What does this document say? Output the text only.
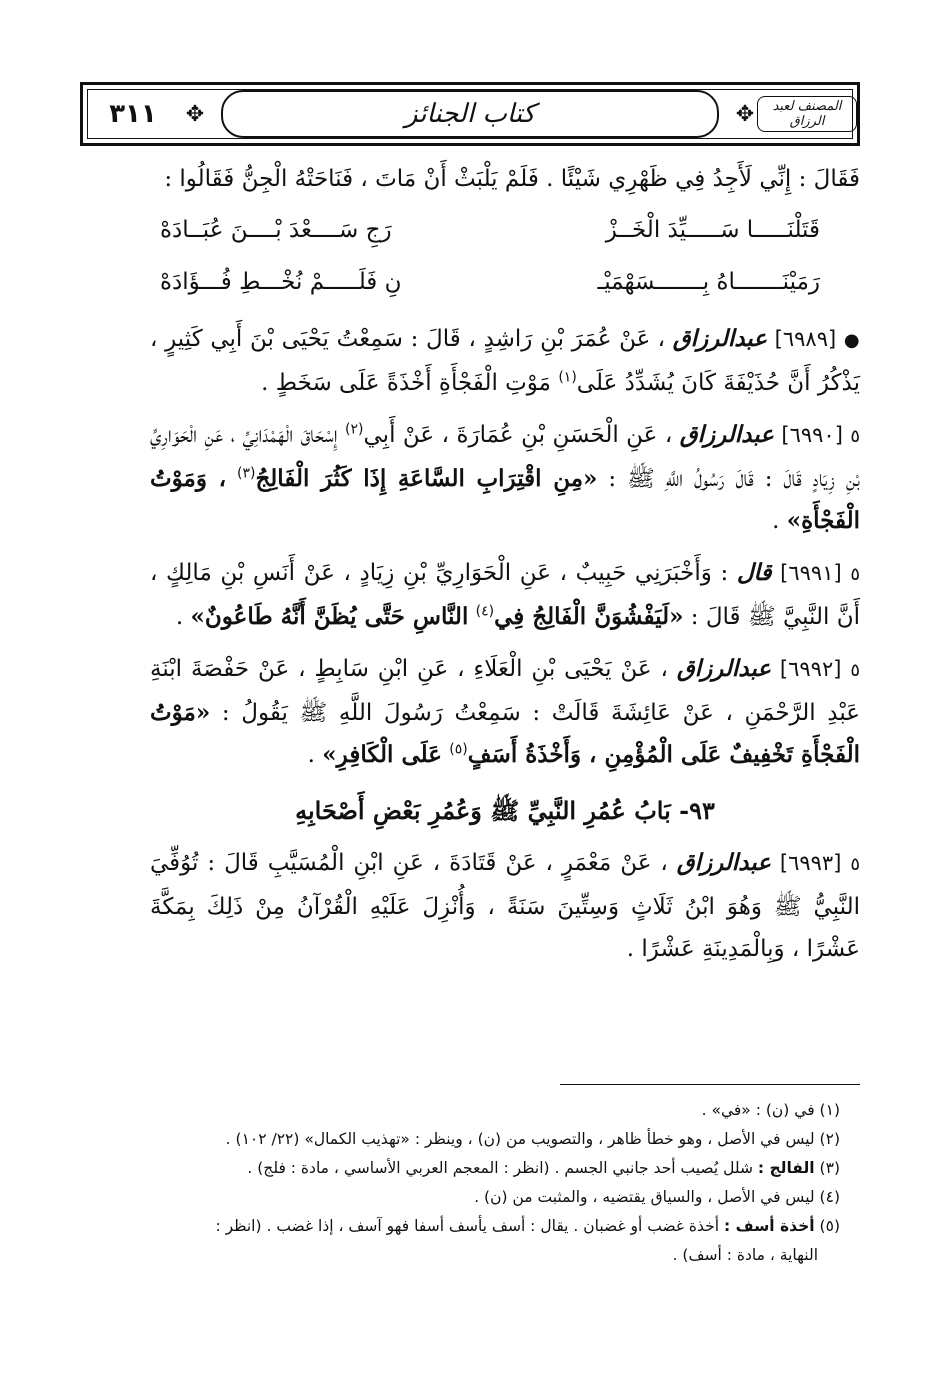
٣١١ ✥	كتاب الجنائز	✥	المصنف لعبد الرزاق

فَقَالَ : إِنِّي لَأَجِدُ فِي ظَهْرِي شَيْئًا . فَلَمْ يَلْبَثْ أَنْ مَاتَ ، فَنَاحَتْهُ الْجِنُّ فَقَالُوا :

قَتَلْنَـــــا سَـــــيِّدَ الْخَــزْ
رَجِ سَــــعْدَ بْــــنَ عُبَــادَهْ
رَمَيْنَـــــــاهُ بِـــــــسَهْمَيْـ
نِ فَلَـــــمْ نُخْـــطِ فُـــؤَادَهْ

● [٦٩٨٩] عبدالرزاق ، عَنْ عُمَرَ بْنِ رَاشِدٍ ، قَالَ : سَمِعْتُ يَحْيَى بْنَ أَبِي كَثِيرٍ ، يَذْكُرُ أَنَّ حُذَيْفَةَ كَانَ يُشَدِّدُ عَلَى$^{(١)}$ مَوْتِ الْفَجْأَةِ أَخْذَةً عَلَى سَخَطٍ .

٥ [٦٩٩٠] عبدالرزاق ، عَنِ الْحَسَنِ بْنِ عُمَارَةَ ، عَنْ أَبِي$^{(٢)}$ إِسْحَاقَ الْهَمْدَانِيِّ ، عَنِ الْحَوَارِيِّ بْنِ زِيَادٍ قَالَ : قَالَ رَسُولُ اللَّهِ ﷺ : «مِنِ اقْتِرَابِ السَّاعَةِ إِذَا كَثُرَ الْفَالِجُ$^{(٣)}$ ، وَمَوْتُ الْفَجْأَةِ» .

٥ [٦٩٩١] قال : وَأَخْبَرَنِي حَبِيبٌ ، عَنِ الْحَوَارِيِّ بْنِ زِيَادٍ ، عَنْ أَنَسِ بْنِ مَالِكٍ ، أَنَّ النَّبِيَّ ﷺ قَالَ : «لَيَفْشُوَنَّ الْفَالِجُ فِي$^{(٤)}$ النَّاسِ حَتَّى يُظَنَّ أَنَّهُ طَاعُونٌ» .

٥ [٦٩٩٢] عبدالرزاق ، عَنْ يَحْيَى بْنِ الْعَلَاءِ ، عَنِ ابْنِ سَابِطٍ ، عَنْ حَفْصَةَ ابْنَةِ عَبْدِ الرَّحْمَنِ ، عَنْ عَائِشَةَ قَالَتْ : سَمِعْتُ رَسُولَ اللَّهِ ﷺ يَقُولُ : «مَوْتُ الْفَجْأَةِ تَخْفِيفٌ عَلَى الْمُؤْمِنِ ، وَأَخْذَةُ أَسَفٍ$^{(٥)}$ عَلَى الْكَافِرِ» .

٩٣- بَابُ عُمُرِ النَّبِيِّ ﷺ وَعُمُرِ بَعْضِ أَصْحَابِهِ

٥ [٦٩٩٣] عبدالرزاق ، عَنْ مَعْمَرٍ ، عَنْ قَتَادَةَ ، عَنِ ابْنِ الْمُسَيَّبِ قَالَ : تُوُفِّيَ النَّبِيُّ ﷺ وَهُوَ ابْنُ ثَلَاثٍ وَسِتِّينَ سَنَةً ، وَأُنْزِلَ عَلَيْهِ الْقُرْآنُ مِنْ ذَلِكَ بِمَكَّةَ عَشْرًا ، وَبِالْمَدِينَةِ عَشْرًا .

(١) في (ن) : «في» .

(٢) ليس في الأصل ، وهو خطأ ظاهر ، والتصويب من (ن) ، وينظر : «تهذيب الكمال» (٢٢/ ١٠٢) .

(٣) الفالج : شلل يُصيب أحد جانبي الجسم . (انظر : المعجم العربي الأساسي ، مادة : فلج) .

(٤) ليس في الأصل ، والسياق يقتضيه ، والمثبت من (ن) .

(٥) أخذة أسف : أخذة غضب أو غضبان . يقال : أسف يأسف أسفا فهو آسف ، إذا غضب . (انظر :

النهاية ، مادة : أسف) .
